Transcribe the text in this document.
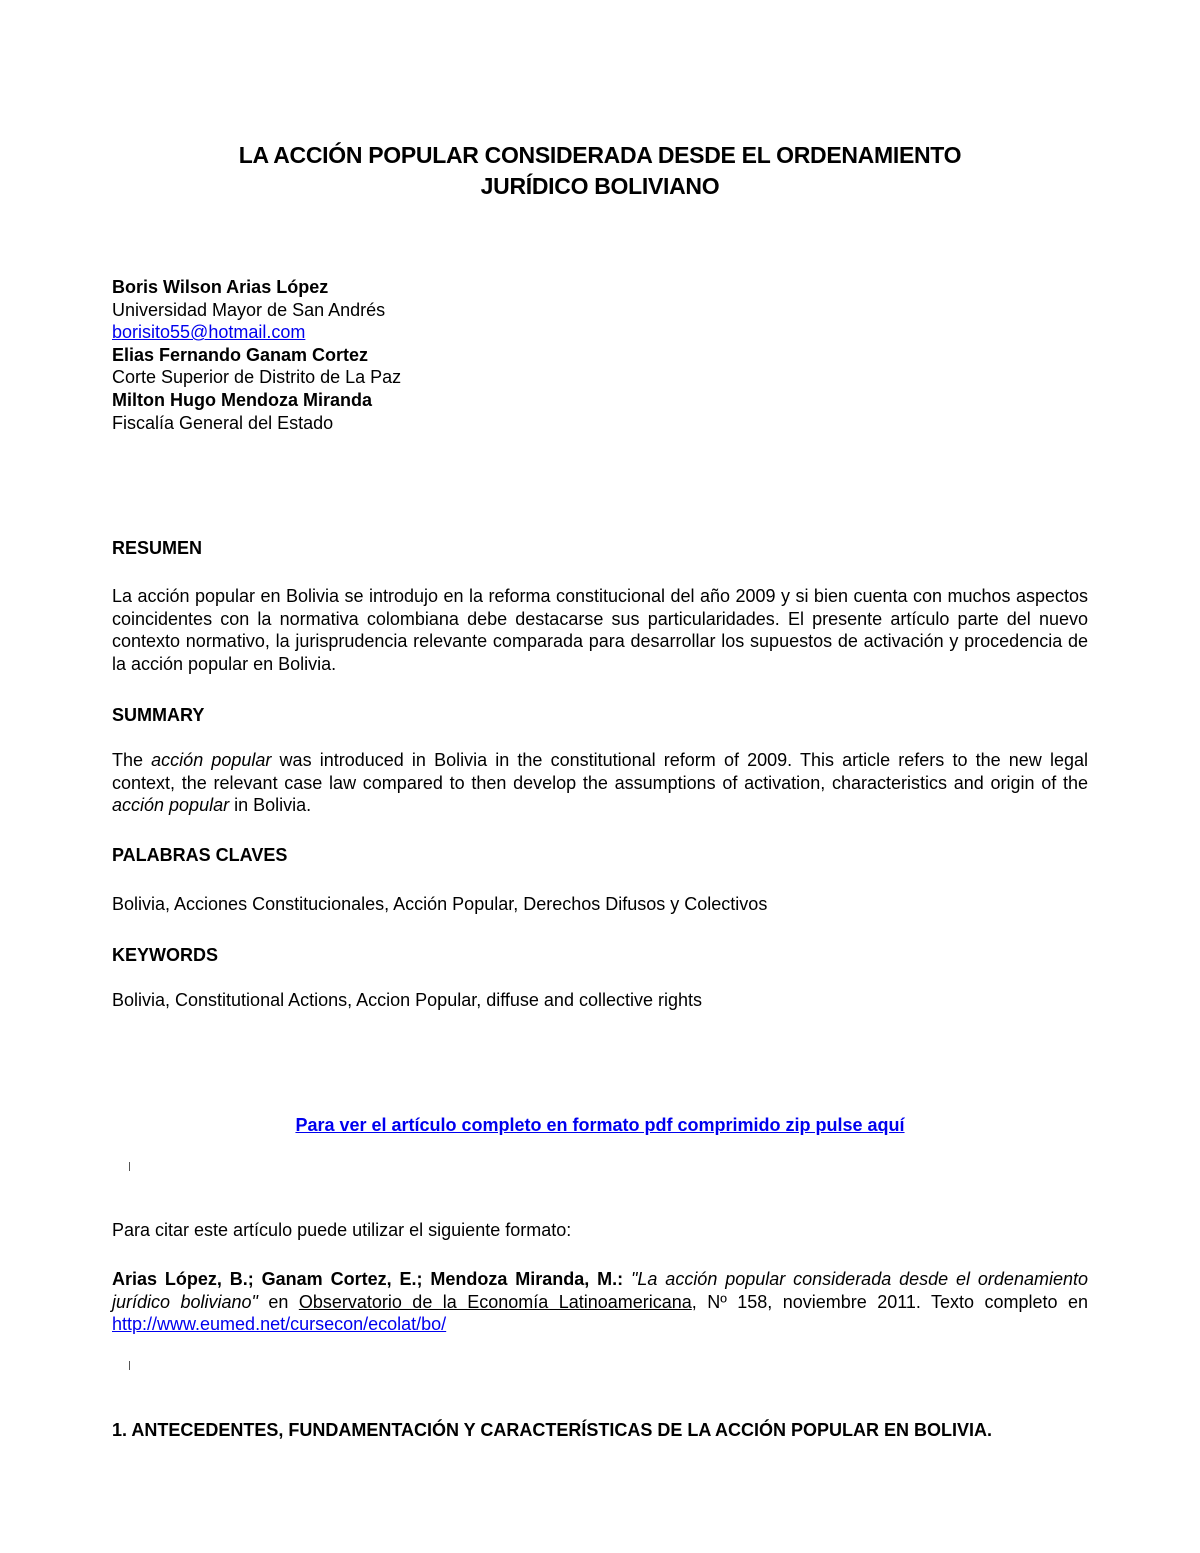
LA ACCIÓN POPULAR CONSIDERADA DESDE EL ORDENAMIENTO
JURÍDICO BOLIVIANO
Boris Wilson Arias López
Universidad Mayor de San Andrés
borisito55@hotmail.com
Elias Fernando Ganam Cortez
Corte Superior de Distrito de La Paz
Milton Hugo Mendoza Miranda
Fiscalía General del Estado
RESUMEN
La acción popular en Bolivia se introdujo en la reforma constitucional del año 2009 y si bien cuenta con muchos aspectos coincidentes con la normativa colombiana debe destacarse sus particularidades. El presente artículo parte del nuevo contexto normativo, la jurisprudencia relevante comparada para desarrollar los supuestos de activación y procedencia de la acción popular en Bolivia.
SUMMARY
The acción popular was introduced in Bolivia in the constitutional reform of 2009. This article refers to the new legal context, the relevant case law compared to then develop the assumptions of activation, characteristics and origin of the acción popular in Bolivia.
PALABRAS CLAVES
Bolivia, Acciones Constitucionales, Acción Popular, Derechos Difusos y Colectivos
KEYWORDS
Bolivia, Constitutional Actions, Accion Popular, diffuse and collective rights
Para ver el artículo completo en formato pdf comprimido zip pulse aquí
Para citar este artículo puede utilizar el siguiente formato:
Arias López, B.; Ganam Cortez, E.; Mendoza Miranda, M.: "La acción popular considerada desde el ordenamiento jurídico boliviano" en Observatorio de la Economía Latinoamericana, Nº 158, noviembre 2011. Texto completo en http://www.eumed.net/cursecon/ecolat/bo/
1. ANTECEDENTES, FUNDAMENTACIÓN Y CARACTERÍSTICAS DE LA ACCIÓN POPULAR EN BOLIVIA.
